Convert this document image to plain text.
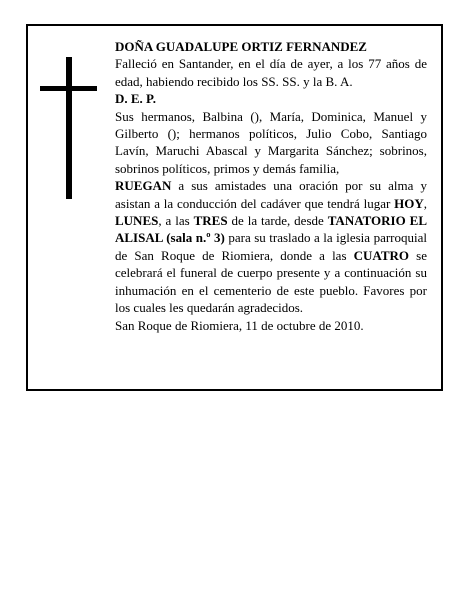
DOÑA GUADALUPE ORTIZ FERNANDEZ

Falleció en Santander, en el día de ayer, a los 77 años de edad, habiendo recibido los SS. SS. y la B. A.

D. E. P.

Sus hermanos, Balbina (), María, Dominica, Manuel y Gilberto (); hermanos políticos, Julio Cobo, Santiago Lavín, Maruchi Abascal y Margarita Sánchez; sobrinos, sobrinos políticos, primos y demás familia,

RUEGAN a sus amistades una oración por su alma y asistan a la conducción del cadáver que tendrá lugar HOY, LUNES, a las TRES de la tarde, desde TANATORIO EL ALISAL (sala n.º 3) para su traslado a la iglesia parroquial de San Roque de Riomiera, donde a las CUATRO se celebrará el funeral de cuerpo presente y a continuación su inhumación en el cementerio de este pueblo. Favores por los cuales les quedarán agradecidos.

San Roque de Riomiera, 11 de octubre de 2010.
